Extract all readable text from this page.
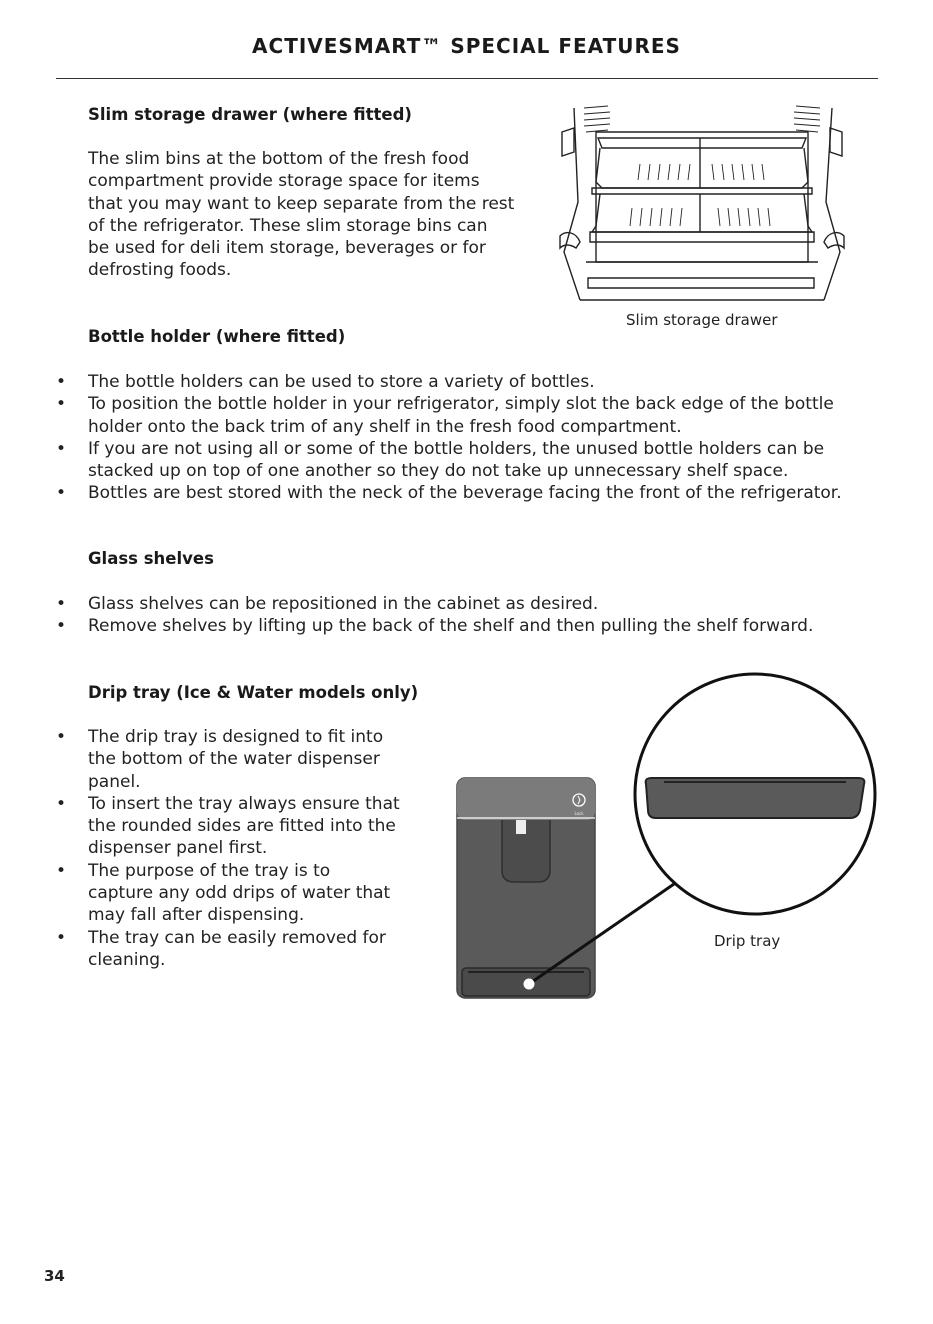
ACTIVESMART™ SPECIAL FEATURES
Slim storage drawer (where fitted)
The slim bins at the bottom of the fresh food
compartment provide storage space for items
that you may want to keep separate from the rest
of the refrigerator. These slim storage bins can
be used for deli item storage, beverages or for
defrosting foods.
Slim storage drawer
Bottle holder (where fitted)
• The bottle holders can be used to store a variety of bottles.
• To position the bottle holder in your refrigerator, simply slot the back edge of the bottle
holder onto the back trim of any shelf in the fresh food compartment.
• If you are not using all or some of the bottle holders, the unused bottle holders can be
stacked up on top of one another so they do not take up unnecessary shelf space.
• Bottles are best stored with the neck of the beverage facing the front of the refrigerator.
Glass shelves
• Glass shelves can be repositioned in the cabinet as desired.
• Remove shelves by lifting up the back of the shelf and then pulling the shelf forward.
Drip tray (Ice & Water models only)
• The drip tray is designed to fit into
the bottom of the water dispenser
panel.
• To insert the tray always ensure that
the rounded sides are fitted into the
dispenser panel first.
• The purpose of the tray is to
capture any odd drips of water that
may fall after dispensing.
• The tray can be easily removed for
cleaning.
Lock
Drip tray
34
